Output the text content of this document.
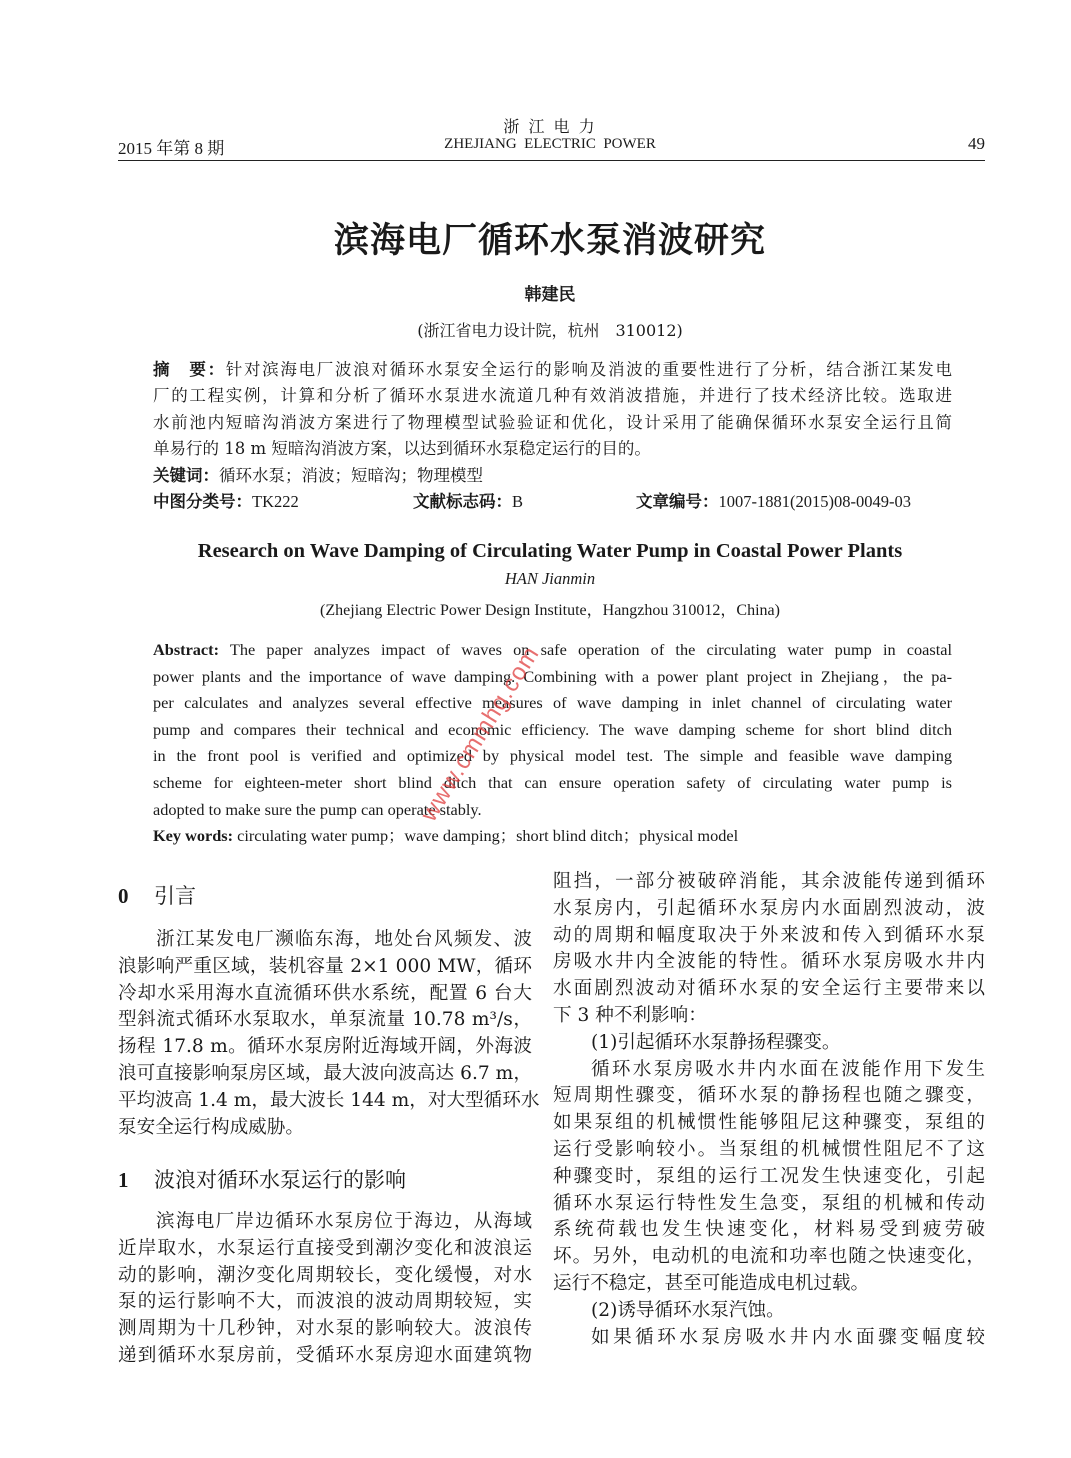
2015 年第 8 期
浙 江 电 力
ZHEJIANG  ELECTRIC  POWER	49
滨海电厂循环水泵消波研究
韩建民
(浙江省电力设计院，杭州　310012)
摘　要：针对滨海电厂波浪对循环水泵安全运行的影响及消波的重要性进行了分析，结合浙江某发电
厂的工程实例，计算和分析了循环水泵进水流道几种有效消波措施，并进行了技术经济比较。选取进
水前池内短暗沟消波方案进行了物理模型试验验证和优化，设计采用了能确保循环水泵安全运行且简
单易行的 18 m 短暗沟消波方案，以达到循环水泵稳定运行的目的。
关键词：循环水泵；消波；短暗沟；物理模型
中图分类号：TK222	文献标志码：B	文章编号：1007-1881(2015)08-0049-03
Research on Wave Damping of Circulating Water Pump in Coastal Power Plants
HAN Jianmin
(Zhejiang Electric Power Design Institute，Hangzhou 310012，China)
Abstract: The paper analyzes impact of waves on safe operation of the circulating water pump in coastal
power plants and the importance of wave damping. Combining with a power plant project in Zhejiang，the pa-
per calculates and analyzes several effective measures of wave damping in inlet channel of circulating water
pump and compares their technical and economic efficiency. The wave damping scheme for short blind ditch
in the front pool is verified and optimized by physical model test. The simple and feasible wave damping
scheme for eighteen-meter short blind ditch that can ensure operation safety of circulating water pump is
adopted to make sure the pump can operate stably.
Key words: circulating water pump；wave damping；short blind ditch；physical model
0 引言
浙江某发电厂濒临东海，地处台风频发、波
浪影响严重区域，装机容量 2×1 000 MW，循环
冷却水采用海水直流循环供水系统，配置 6 台大
型斜流式循环水泵取水，单泵流量 10.78 m³/s，
扬程 17.8 m。循环水泵房附近海域开阔，外海波
浪可直接影响泵房区域，最大波向波高达 6.7 m，
平均波高 1.4 m，最大波长 144 m，对大型循环水
泵安全运行构成威胁。
1 波浪对循环水泵运行的影响
滨海电厂岸边循环水泵房位于海边，从海域
近岸取水，水泵运行直接受到潮汐变化和波浪运
动的影响，潮汐变化周期较长，变化缓慢，对水
泵的运行影响不大，而波浪的波动周期较短，实
测周期为十几秒钟，对水泵的影响较大。波浪传
递到循环水泵房前，受循环水泵房迎水面建筑物
阻挡，一部分被破碎消能，其余波能传递到循环
水泵房内，引起循环水泵房内水面剧烈波动，波
动的周期和幅度取决于外来波和传入到循环水泵
房吸水井内全波能的特性。循环水泵房吸水井内
水面剧烈波动对循环水泵的安全运行主要带来以
下 3 种不利影响：
(1)引起循环水泵静扬程骤变。
循环水泵房吸水井内水面在波能作用下发生
短周期性骤变，循环水泵的静扬程也随之骤变，
如果泵组的机械惯性能够阻尼这种骤变，泵组的
运行受影响较小。当泵组的机械惯性阻尼不了这
种骤变时，泵组的运行工况发生快速变化，引起
循环水泵运行特性发生急变，泵组的机械和传动
系统荷载也发生快速变化，材料易受到疲劳破
坏。另外，电动机的电流和功率也随之快速变化，
运行不稳定，甚至可能造成电机过载。
(2)诱导循环水泵汽蚀。
如果循环水泵房吸水井内水面骤变幅度较
www.cmmhg.com
